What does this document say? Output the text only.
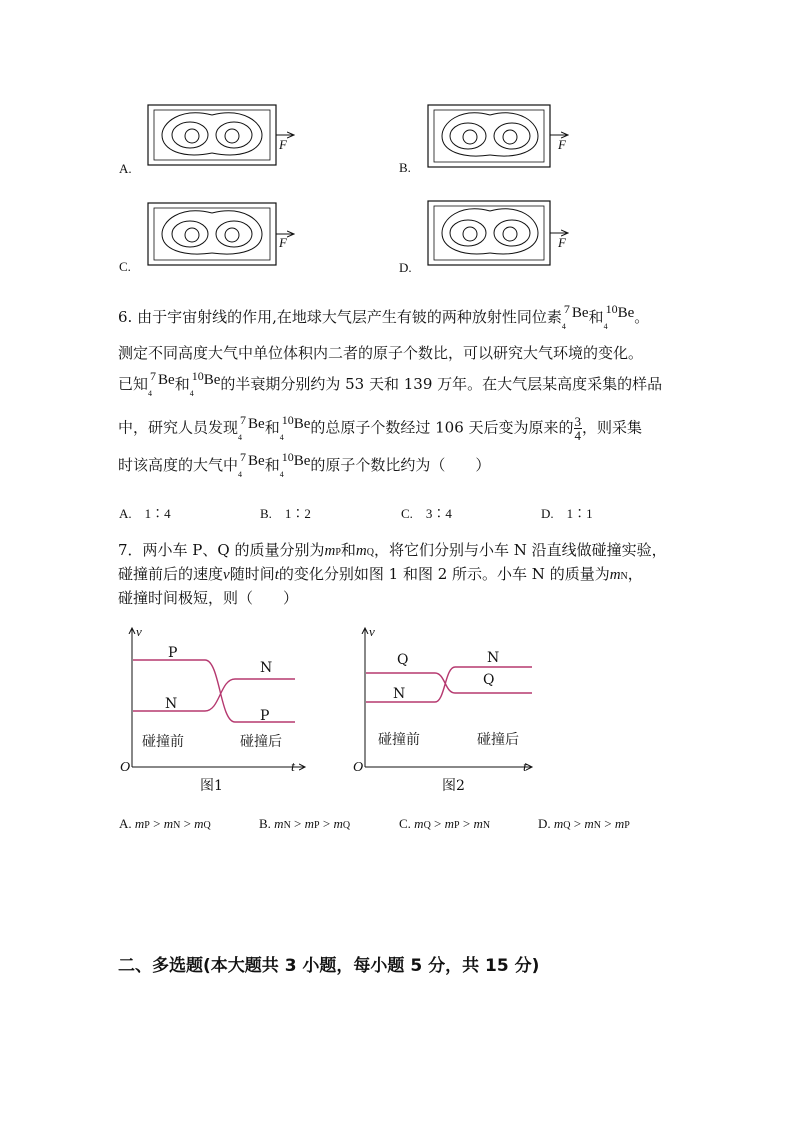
A.	B.
C.	D.
F	F
F	F
6. 由于宇宙射线的作用,在地球大气层产生有铍的两种放射性同位素 7
4
Be和 10
4
Be。
测定不同高度大气中单位体积内二者的原子个数比，可以研究大气环境的变化。
已知 7
4
Be和 10
4
Be的半衰期分别约为 53 天和 139 万年。在大气层某高度采集的样品
中，研究人员发现 7
4
Be和 10
4
Be的总原子个数经过 106 天后变为原来的 $\frac{3}{4}$ ，则采集
时该高度的大气中 7
4
Be和 10
4
Be的原子个数比约为（　　）
A.　1∶4	B.　1∶2	C.　3∶4	D.　1∶1
7．两小车 P、Q 的质量分别为mP和mQ，将它们分别与小车 N 沿直线做碰撞实验，
碰撞前后的速度v随时间t的变化分别如图 1 和图 2 所示。小车 N 的质量为mN，
碰撞时间极短，则（　　）
v
t
O
P
N
N
P
碰撞前	碰撞后
图1
v
t
O
Q
N
N
Q
碰撞前	碰撞后
图2
A. mP > mN > mQ	B. mN > mP > mQ	C. mQ > mP > mN	D. mQ > mN > mP
二、多选题(本大题共 3 小题，每小题 5 分，共 15 分)
